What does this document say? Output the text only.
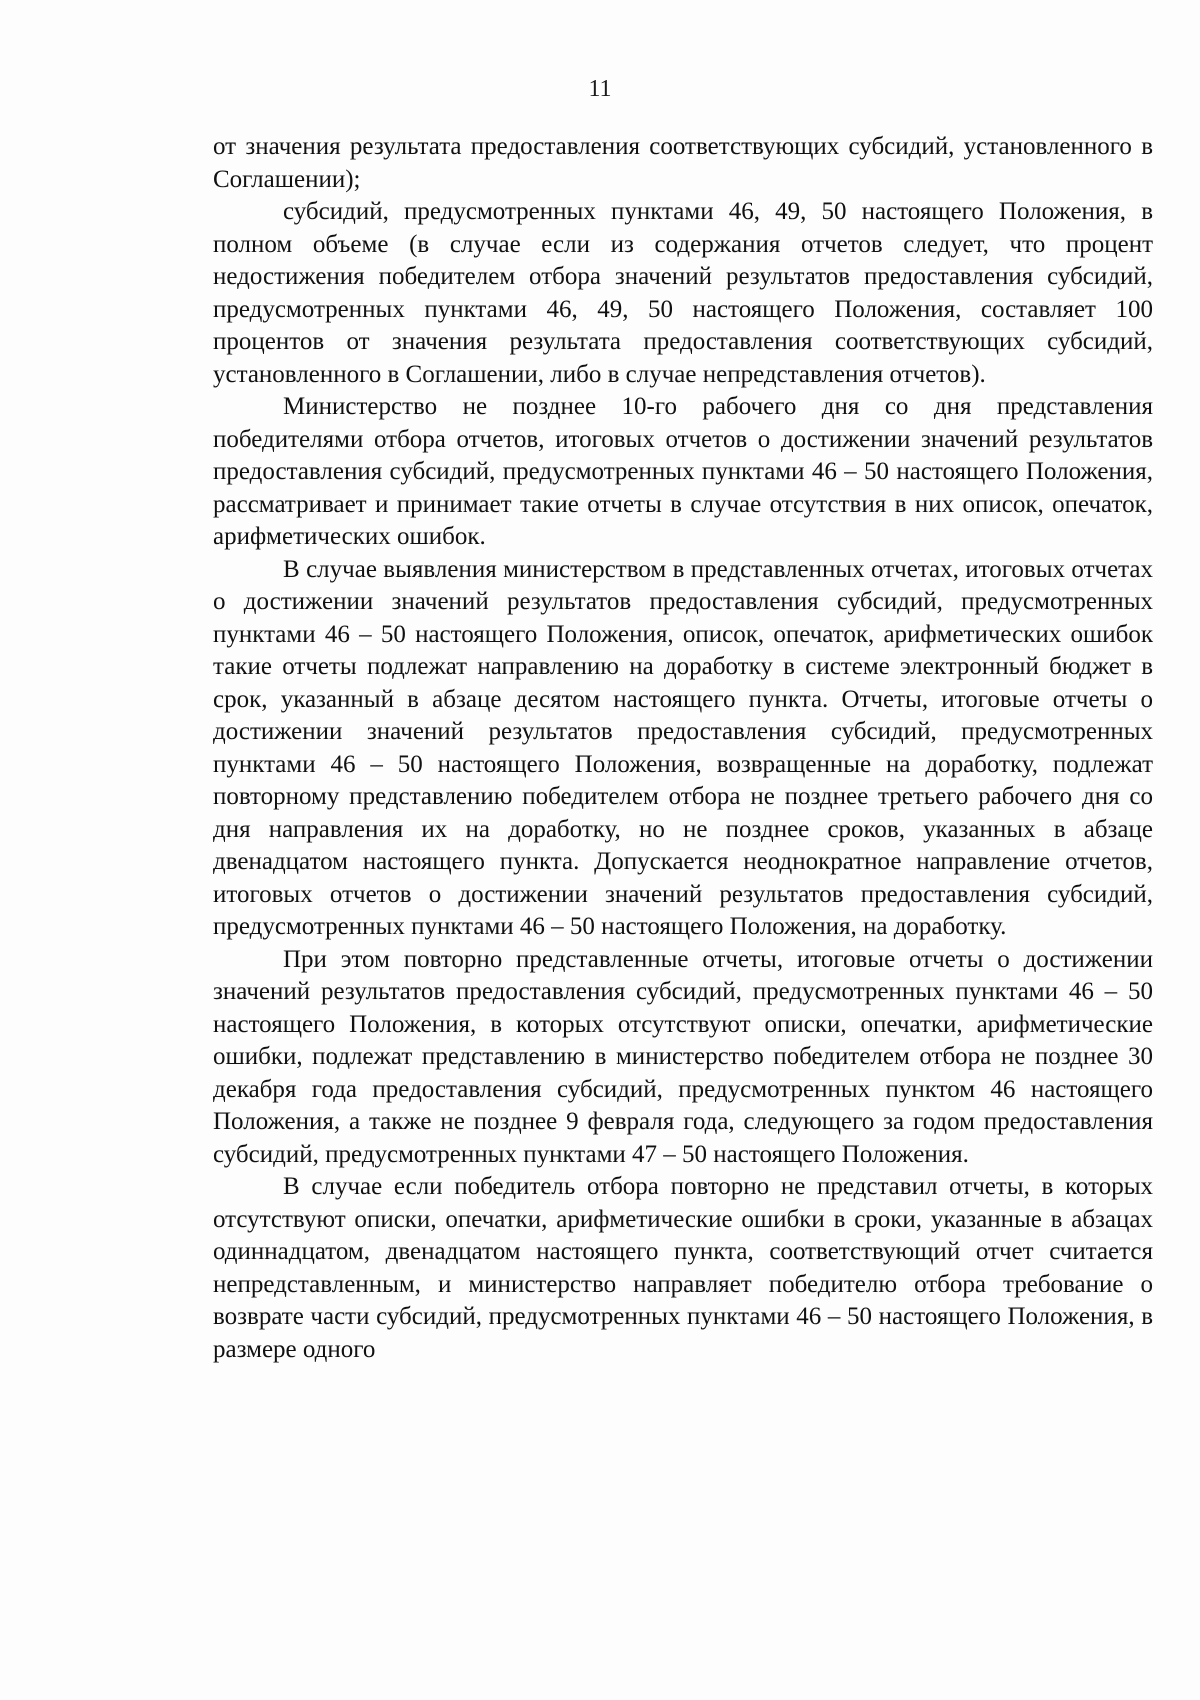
11

от значения результата предоставления соответствующих субсидий, установленного в Соглашении);

субсидий, предусмотренных пунктами 46, 49, 50 настоящего Положения, в полном объеме (в случае если из содержания отчетов следует, что процент недостижения победителем отбора значений результатов предоставления субсидий, предусмотренных пунктами 46, 49, 50 настоящего Положения, составляет 100 процентов от значения результата предоставления соответствующих субсидий, установленного в Соглашении, либо в случае непредставления отчетов).

Министерство не позднее 10-го рабочего дня со дня представления победителями отбора отчетов, итоговых отчетов о достижении значений результатов предоставления субсидий, предусмотренных пунктами 46 – 50 настоящего Положения, рассматривает и принимает такие отчеты в случае отсутствия в них описок, опечаток, арифметических ошибок.

В случае выявления министерством в представленных отчетах, итоговых отчетах о достижении значений результатов предоставления субсидий, предусмотренных пунктами 46 – 50 настоящего Положения, описок, опечаток, арифметических ошибок такие отчеты подлежат направлению на доработку в системе электронный бюджет в срок, указанный в абзаце десятом настоящего пункта. Отчеты, итоговые отчеты о достижении значений результатов предоставления субсидий, предусмотренных пунктами 46 – 50 настоящего Положения, возвращенные на доработку, подлежат повторному представлению победителем отбора не позднее третьего рабочего дня со дня направления их на доработку, но не позднее сроков, указанных в абзаце двенадцатом настоящего пункта. Допускается неоднократное направление отчетов, итоговых отчетов о достижении значений результатов предоставления субсидий, предусмотренных пунктами 46 – 50 настоящего Положения, на доработку.

При этом повторно представленные отчеты, итоговые отчеты о достижении значений результатов предоставления субсидий, предусмотренных пунктами 46 – 50 настоящего Положения, в которых отсутствуют описки, опечатки, арифметические ошибки, подлежат представлению в министерство победителем отбора не позднее 30 декабря года предоставления субсидий, предусмотренных пунктом 46 настоящего Положения, а также не позднее 9 февраля года, следующего за годом предоставления субсидий, предусмотренных пунктами 47 – 50 настоящего Положения.

В случае если победитель отбора повторно не представил отчеты, в которых отсутствуют описки, опечатки, арифметические ошибки в сроки, указанные в абзацах одиннадцатом, двенадцатом настоящего пункта, соответствующий отчет считается непредставленным, и министерство направляет победителю отбора требование о возврате части субсидий, предусмотренных пунктами 46 – 50 настоящего Положения, в размере одного
